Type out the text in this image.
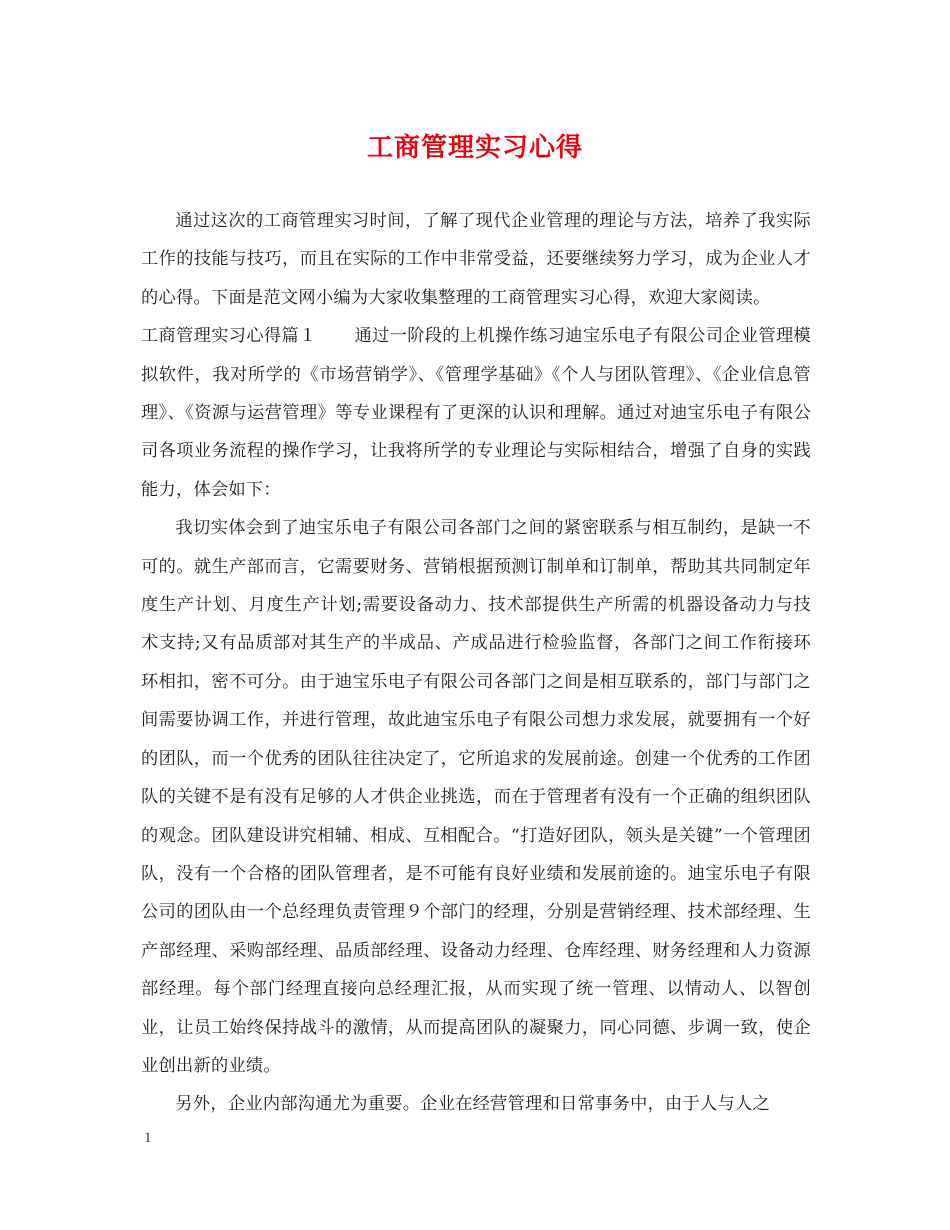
工商管理实习心得

通过这次的工商管理实习时间，了解了现代企业管理的理论与方法，培养了我实际工作的技能与技巧，而且在实际的工作中非常受益，还要继续努力学习，成为企业人才的心得。下面是范文网小编为大家收集整理的工商管理实习心得，欢迎大家阅读。

工商管理实习心得篇１ 通过一阶段的上机操作练习迪宝乐电子有限公司企业管理模拟软件，我对所学的《市场营销学》、《管理学基础》《个人与团队管理》、《企业信息管理》、《资源与运营管理》等专业课程有了更深的认识和理解。通过对迪宝乐电子有限公司各项业务流程的操作学习，让我将所学的专业理论与实际相结合，增强了自身的实践能力，体会如下：

我切实体会到了迪宝乐电子有限公司各部门之间的紧密联系与相互制约，是缺一不可的。就生产部而言，它需要财务、营销根据预测订制单和订制单，帮助其共同制定年度生产计划、月度生产计划;需要设备动力、技术部提供生产所需的机器设备动力与技术支持;又有品质部对其生产的半成品、产成品进行检验监督，各部门之间工作衔接环环相扣，密不可分。由于迪宝乐电子有限公司各部门之间是相互联系的，部门与部门之间需要协调工作，并进行管理，故此迪宝乐电子有限公司想力求发展，就要拥有一个好的团队，而一个优秀的团队往往决定了，它所追求的发展前途。创建一个优秀的工作团队的关键不是有没有足够的人才供企业挑选，而在于管理者有没有一个正确的组织团队的观念。团队建设讲究相辅、相成、互相配合。“打造好团队，领头是关键”一个管理团队，没有一个合格的团队管理者，是不可能有良好业绩和发展前途的。迪宝乐电子有限公司的团队由一个总经理负责管理９个部门的经理，分别是营销经理、技术部经理、生产部经理、采购部经理、品质部经理、设备动力经理、仓库经理、财务经理和人力资源部经理。每个部门经理直接向总经理汇报，从而实现了统一管理、以情动人、以智创业，让员工始终保持战斗的激情，从而提高团队的凝聚力，同心同德、步调一致，使企业创出新的业绩。

另外，企业内部沟通尤为重要。企业在经营管理和日常事务中，由于人与人之

1
